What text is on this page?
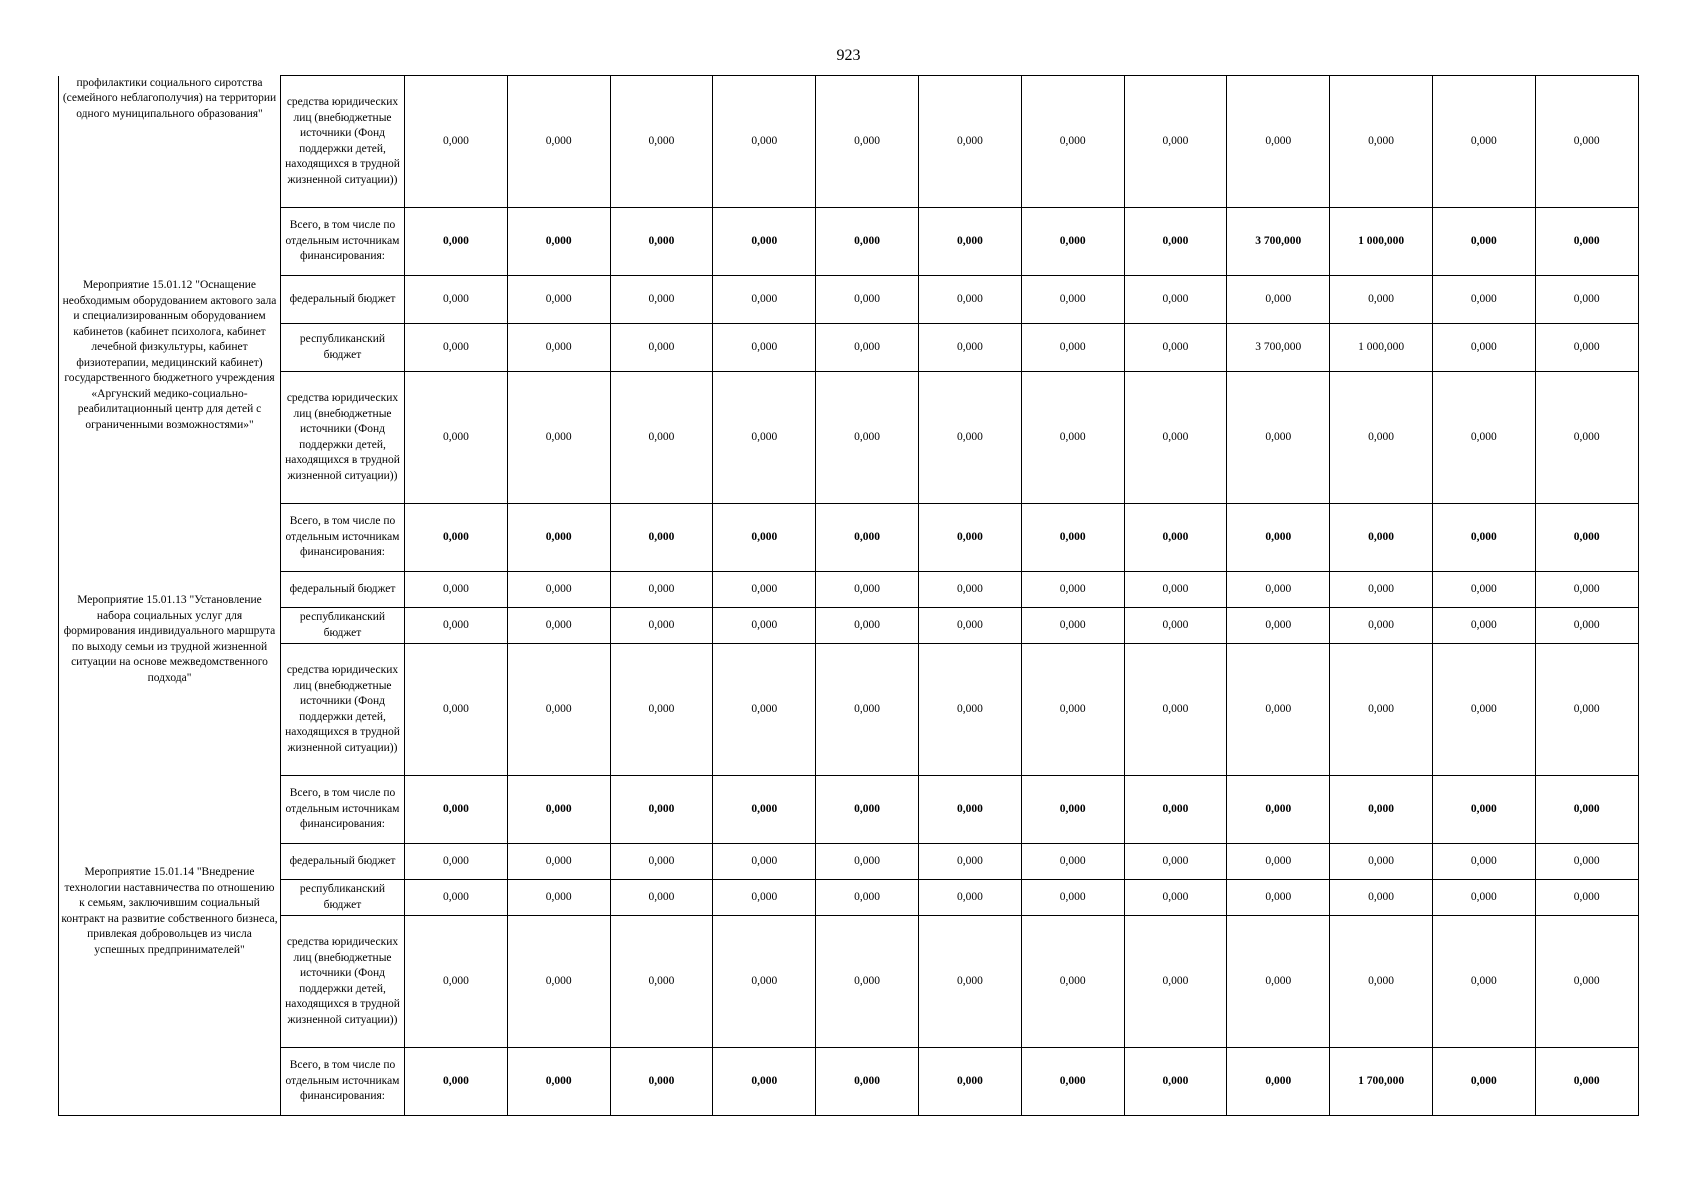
923
профилактики социального сиротства (семейного неблагополучия) на территории одного муниципального образования"	средства юридических лиц (внебюджетные источники (Фонд поддержки детей, находящихся в трудной жизненной ситуации))	0,000	0,000	0,000	0,000	0,000	0,000	0,000	0,000	0,000	0,000	0,000	0,000

Мероприятие 15.01.12 "Оснащение необходимым оборудованием актового зала и специализированным оборудованием кабинетов (кабинет психолога, кабинет лечебной физкультуры, кабинет физиотерапии, медицинский кабинет) государственного бюджетного учреждения «Аргунский медико-социально-реабилитационный центр для детей с ограниченными возможностями»"	Всего, в том числе по отдельным источникам финансирования:	0,000	0,000	0,000	0,000	0,000	0,000	0,000	0,000	3 700,000	1 000,000	0,000	0,000
	федеральный бюджет	0,000	0,000	0,000	0,000	0,000	0,000	0,000	0,000	0,000	0,000	0,000	0,000
	республиканский бюджет	0,000	0,000	0,000	0,000	0,000	0,000	0,000	0,000	3 700,000	1 000,000	0,000	0,000
	средства юридических лиц (внебюджетные источники (Фонд поддержки детей, находящихся в трудной жизненной ситуации))	0,000	0,000	0,000	0,000	0,000	0,000	0,000	0,000	0,000	0,000	0,000	0,000

Мероприятие 15.01.13 "Установление набора социальных услуг для формирования индивидуального маршрута по выходу семьи из трудной жизненной ситуации на основе межведомственного подхода"	Всего, в том числе по отдельным источникам финансирования:	0,000	0,000	0,000	0,000	0,000	0,000	0,000	0,000	0,000	0,000	0,000	0,000
	федеральный бюджет	0,000	0,000	0,000	0,000	0,000	0,000	0,000	0,000	0,000	0,000	0,000	0,000
	республиканский бюджет	0,000	0,000	0,000	0,000	0,000	0,000	0,000	0,000	0,000	0,000	0,000	0,000
	средства юридических лиц (внебюджетные источники (Фонд поддержки детей, находящихся в трудной жизненной ситуации))	0,000	0,000	0,000	0,000	0,000	0,000	0,000	0,000	0,000	0,000	0,000	0,000

Мероприятие 15.01.14 "Внедрение технологии наставничества по отношению к семьям, заключившим социальный контракт на развитие собственного бизнеса, привлекая добровольцев из числа успешных предпринимателей"	Всего, в том числе по отдельным источникам финансирования:	0,000	0,000	0,000	0,000	0,000	0,000	0,000	0,000	0,000	0,000	0,000	0,000
	федеральный бюджет	0,000	0,000	0,000	0,000	0,000	0,000	0,000	0,000	0,000	0,000	0,000	0,000
	республиканский бюджет	0,000	0,000	0,000	0,000	0,000	0,000	0,000	0,000	0,000	0,000	0,000	0,000
	средства юридических лиц (внебюджетные источники (Фонд поддержки детей, находящихся в трудной жизненной ситуации))	0,000	0,000	0,000	0,000	0,000	0,000	0,000	0,000	0,000	0,000	0,000	0,000

	Всего, в том числе по отдельным источникам финансирования:	0,000	0,000	0,000	0,000	0,000	0,000	0,000	0,000	0,000	1 700,000	0,000	0,000
